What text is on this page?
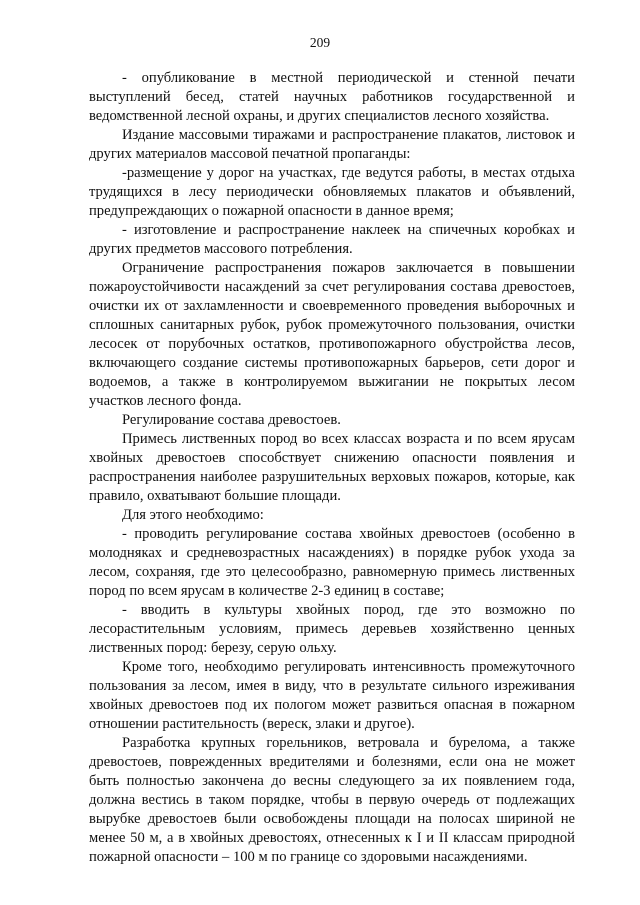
209

- опубликование в местной периодической и стенной печати выступлений бесед, статей научных работников государственной и ведомственной лесной охраны, и других специалистов лесного хозяйства.

Издание массовыми тиражами и распространение плакатов, листовок и других материалов массовой печатной пропаганды:

-размещение у дорог на участках, где ведутся работы, в местах отдыха трудящихся в лесу периодически обновляемых плакатов и объявлений, предупреждающих о пожарной опасности в данное время;

- изготовление и распространение наклеек на спичечных коробках и других предметов массового потребления.

Ограничение распространения пожаров заключается в повышении пожароустойчивости насаждений за счет регулирования состава древостоев, очистки их от захламленности и своевременного проведения выборочных и сплошных санитарных рубок, рубок промежуточного пользования, очистки лесосек от порубочных остатков, противопожарного обустройства лесов, включающего создание системы противопожарных барьеров, сети дорог и водоемов, а также в контролируемом выжигании не покрытых лесом участков лесного фонда.

Регулирование состава древостоев.

Примесь лиственных пород во всех классах возраста и по всем ярусам хвойных древостоев способствует снижению опасности появления и распространения наиболее разрушительных верховых пожаров, которые, как правило, охватывают большие площади.

Для этого необходимо:

- проводить регулирование состава хвойных древостоев (особенно в молодняках и средневозрастных насаждениях) в порядке рубок ухода за лесом, сохраняя, где это целесообразно, равномерную примесь лиственных пород по всем ярусам в количестве 2-3 единиц в составе;

- вводить в культуры хвойных пород, где это возможно по лесорастительным условиям, примесь деревьев хозяйственно ценных лиственных пород: березу, серую ольху.

Кроме того, необходимо регулировать интенсивность промежуточного пользования за лесом, имея в виду, что в результате сильного изреживания хвойных древостоев под их пологом может развиться опасная в пожарном отношении растительность (вереск, злаки и другое).

Разработка крупных горельников, ветровала и бурелома, а также древостоев, поврежденных вредителями и болезнями, если она не может быть полностью закончена до весны следующего за их появлением года, должна вестись в таком порядке, чтобы в первую очередь от подлежащих вырубке древостоев были освобождены площади на полосах шириной не менее 50 м, а в хвойных древостоях, отнесенных к I и II классам природной пожарной опасности – 100 м по границе со здоровыми насаждениями.
